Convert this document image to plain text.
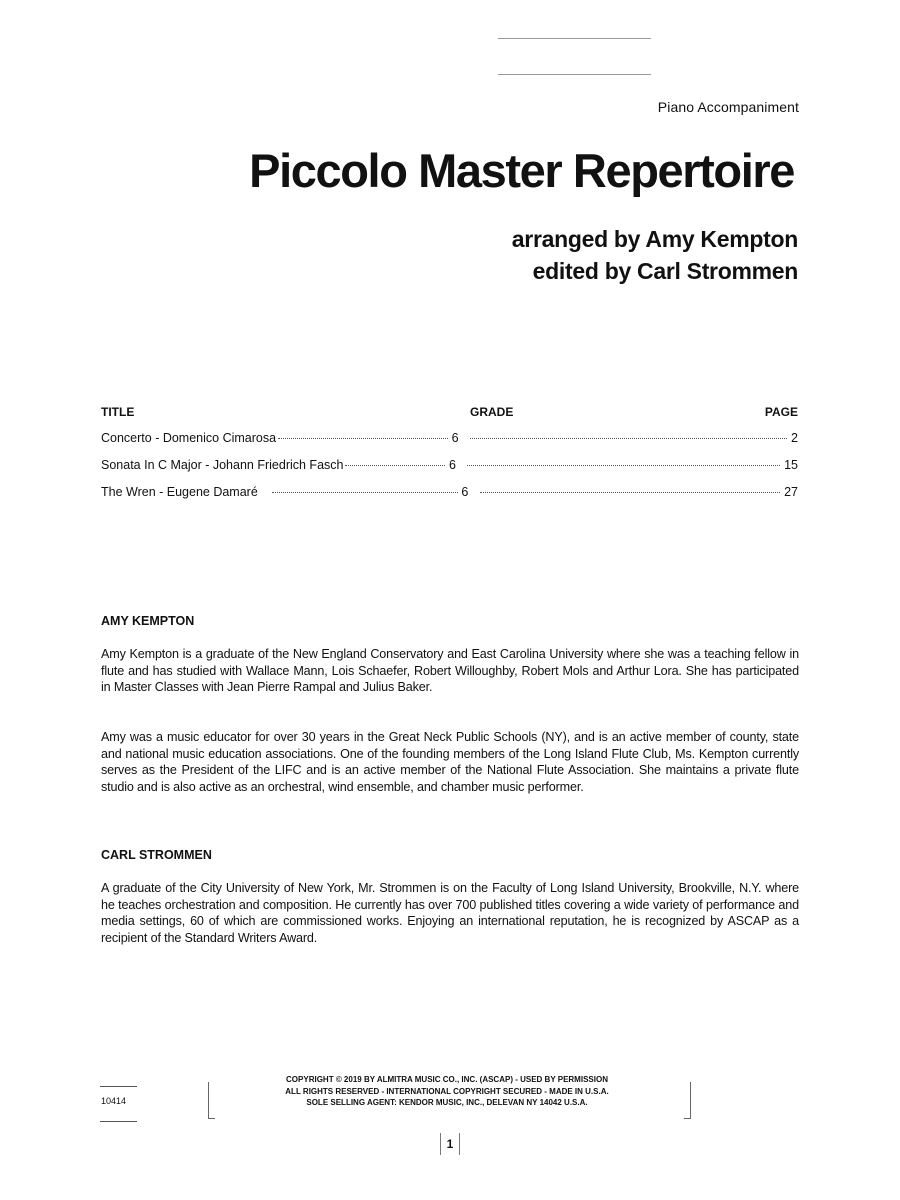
Piano Accompaniment
Piccolo Master Repertoire
arranged by Amy Kempton
edited by Carl Strommen
TITLE	GRADE	PAGE
Concerto - Domenico Cimarosa	6	2
Sonata In C Major - Johann Friedrich Fasch	6	15
The Wren - Eugene Damaré	6	27
AMY KEMPTON
Amy Kempton is a graduate of the New England Conservatory and East Carolina University where she was a teaching fellow in flute and has studied with Wallace Mann, Lois Schaefer, Robert Willoughby, Robert Mols and Arthur Lora. She has participated in Master Classes with Jean Pierre Rampal and Julius Baker.
Amy was a music educator for over 30 years in the Great Neck Public Schools (NY), and is an active member of county, state and national music education associations. One of the founding members of the Long Island Flute Club, Ms. Kempton currently serves as the President of the LIFC and is an active member of the National Flute Association. She maintains a private flute studio and is also active as an orchestral, wind ensemble, and chamber music performer.
CARL STROMMEN
A graduate of the City University of New York, Mr. Strommen is on the Faculty of Long Island University, Brookville, N.Y. where he teaches orchestration and composition. He currently has over 700 published titles covering a wide variety of performance and media settings, 60 of which are commissioned works. Enjoying an international reputation, he is recognized by ASCAP as a recipient of the Standard Writers Award.
10414
COPYRIGHT © 2019 BY ALMITRA MUSIC CO., INC. (ASCAP) - USED BY PERMISSION
ALL RIGHTS RESERVED - INTERNATIONAL COPYRIGHT SECURED - MADE IN U.S.A.
SOLE SELLING AGENT: KENDOR MUSIC, INC., DELEVAN NY 14042 U.S.A.
1
